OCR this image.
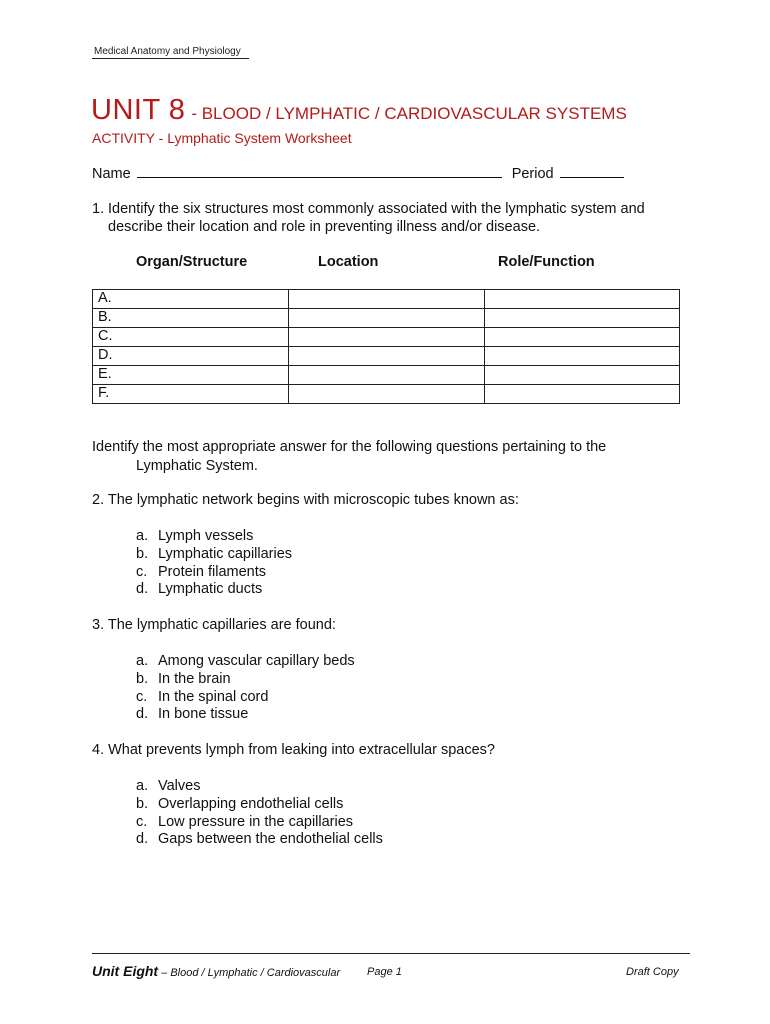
Medical Anatomy and Physiology
UNIT 8 - BLOOD / LYMPHATIC / CARDIOVASCULAR SYSTEMS
ACTIVITY - Lymphatic System Worksheet
Name	Period
1. Identify the six structures most commonly associated with the lymphatic system and describe their location and role in preventing illness and/or disease.
Organ/Structure	Location	Role/Function
A.		
B.		
C.		
D.		
E.		
F.		
Identify the most appropriate answer for the following questions pertaining to the
Lymphatic System.
2. The lymphatic network begins with microscopic tubes known as:
a. Lymph vessels
b. Lymphatic capillaries
c. Protein filaments
d. Lymphatic ducts
3. The lymphatic capillaries are found:
a. Among vascular capillary beds
b. In the brain
c. In the spinal cord
d. In bone tissue
4. What prevents lymph from leaking into extracellular spaces?
a. Valves
b. Overlapping endothelial cells
c. Low pressure in the capillaries
d. Gaps between the endothelial cells
Unit Eight – Blood / Lymphatic / Cardiovascular Page 1	Draft Copy
